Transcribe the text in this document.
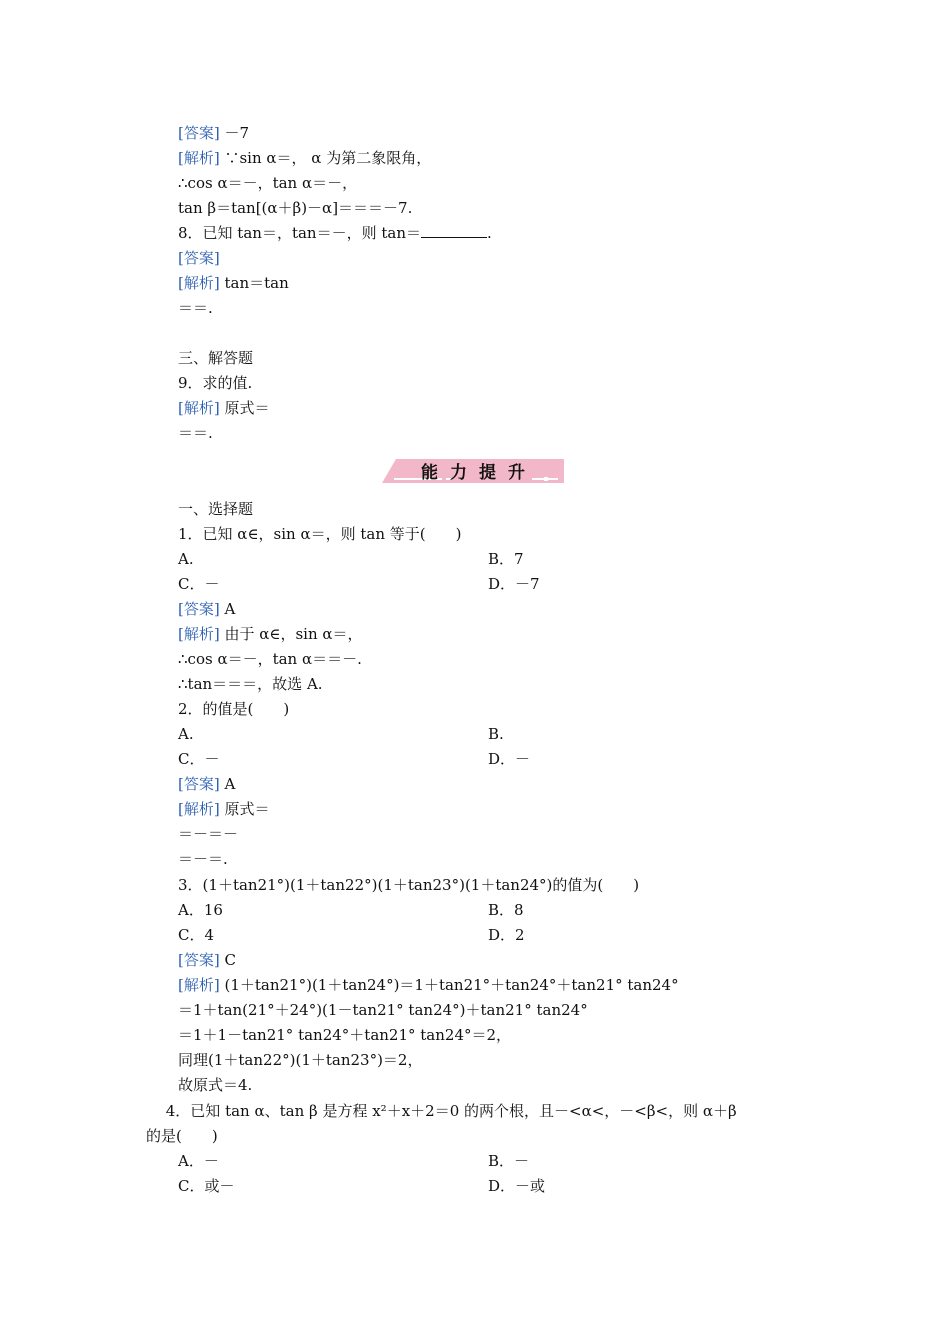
[答案] －7
[解析] ∵sin α＝， α 为第二象限角，
∴cos α＝－，tan α＝－，
tan β＝tan[(α＋β)－α]＝＝＝－7.
8．已知 tan＝，tan＝－，则 tan＝	.
[答案]
[解析] tan＝tan
＝＝.
三、解答题
9．求的值.
[解析] 原式＝
＝＝.
能力提升
一、选择题
1．已知 α∈，sin α＝，则 tan 等于(　　)
A.	B．7
C．－	D．－7
[答案] A
[解析] 由于 α∈，sin α＝，
∴cos α＝－，tan α＝＝－.
∴tan＝＝＝，故选 A.
2．的值是(　　)
A.	B.
C．－	D．－
[答案] A
[解析] 原式＝
＝－＝－
＝－＝.
3．(1＋tan21°)(1＋tan22°)(1＋tan23°)(1＋tan24°)的值为(　　)
A．16	B．8
C．4	D．2
[答案] C
[解析] (1＋tan21°)(1＋tan24°)＝1＋tan21°＋tan24°＋tan21° tan24°
＝1＋tan(21°＋24°)(1－tan21° tan24°)＋tan21° tan24°
＝1＋1－tan21° tan24°＋tan21° tan24°＝2，
同理(1＋tan22°)(1＋tan23°)＝2，
故原式＝4.
　 4．已知 tan α、tan β 是方程 x²＋x＋2＝0 的两个根，且－<α<，－<β<，则 α＋β
的是(　　)
A．－	B．－
C．或－	D．－或
